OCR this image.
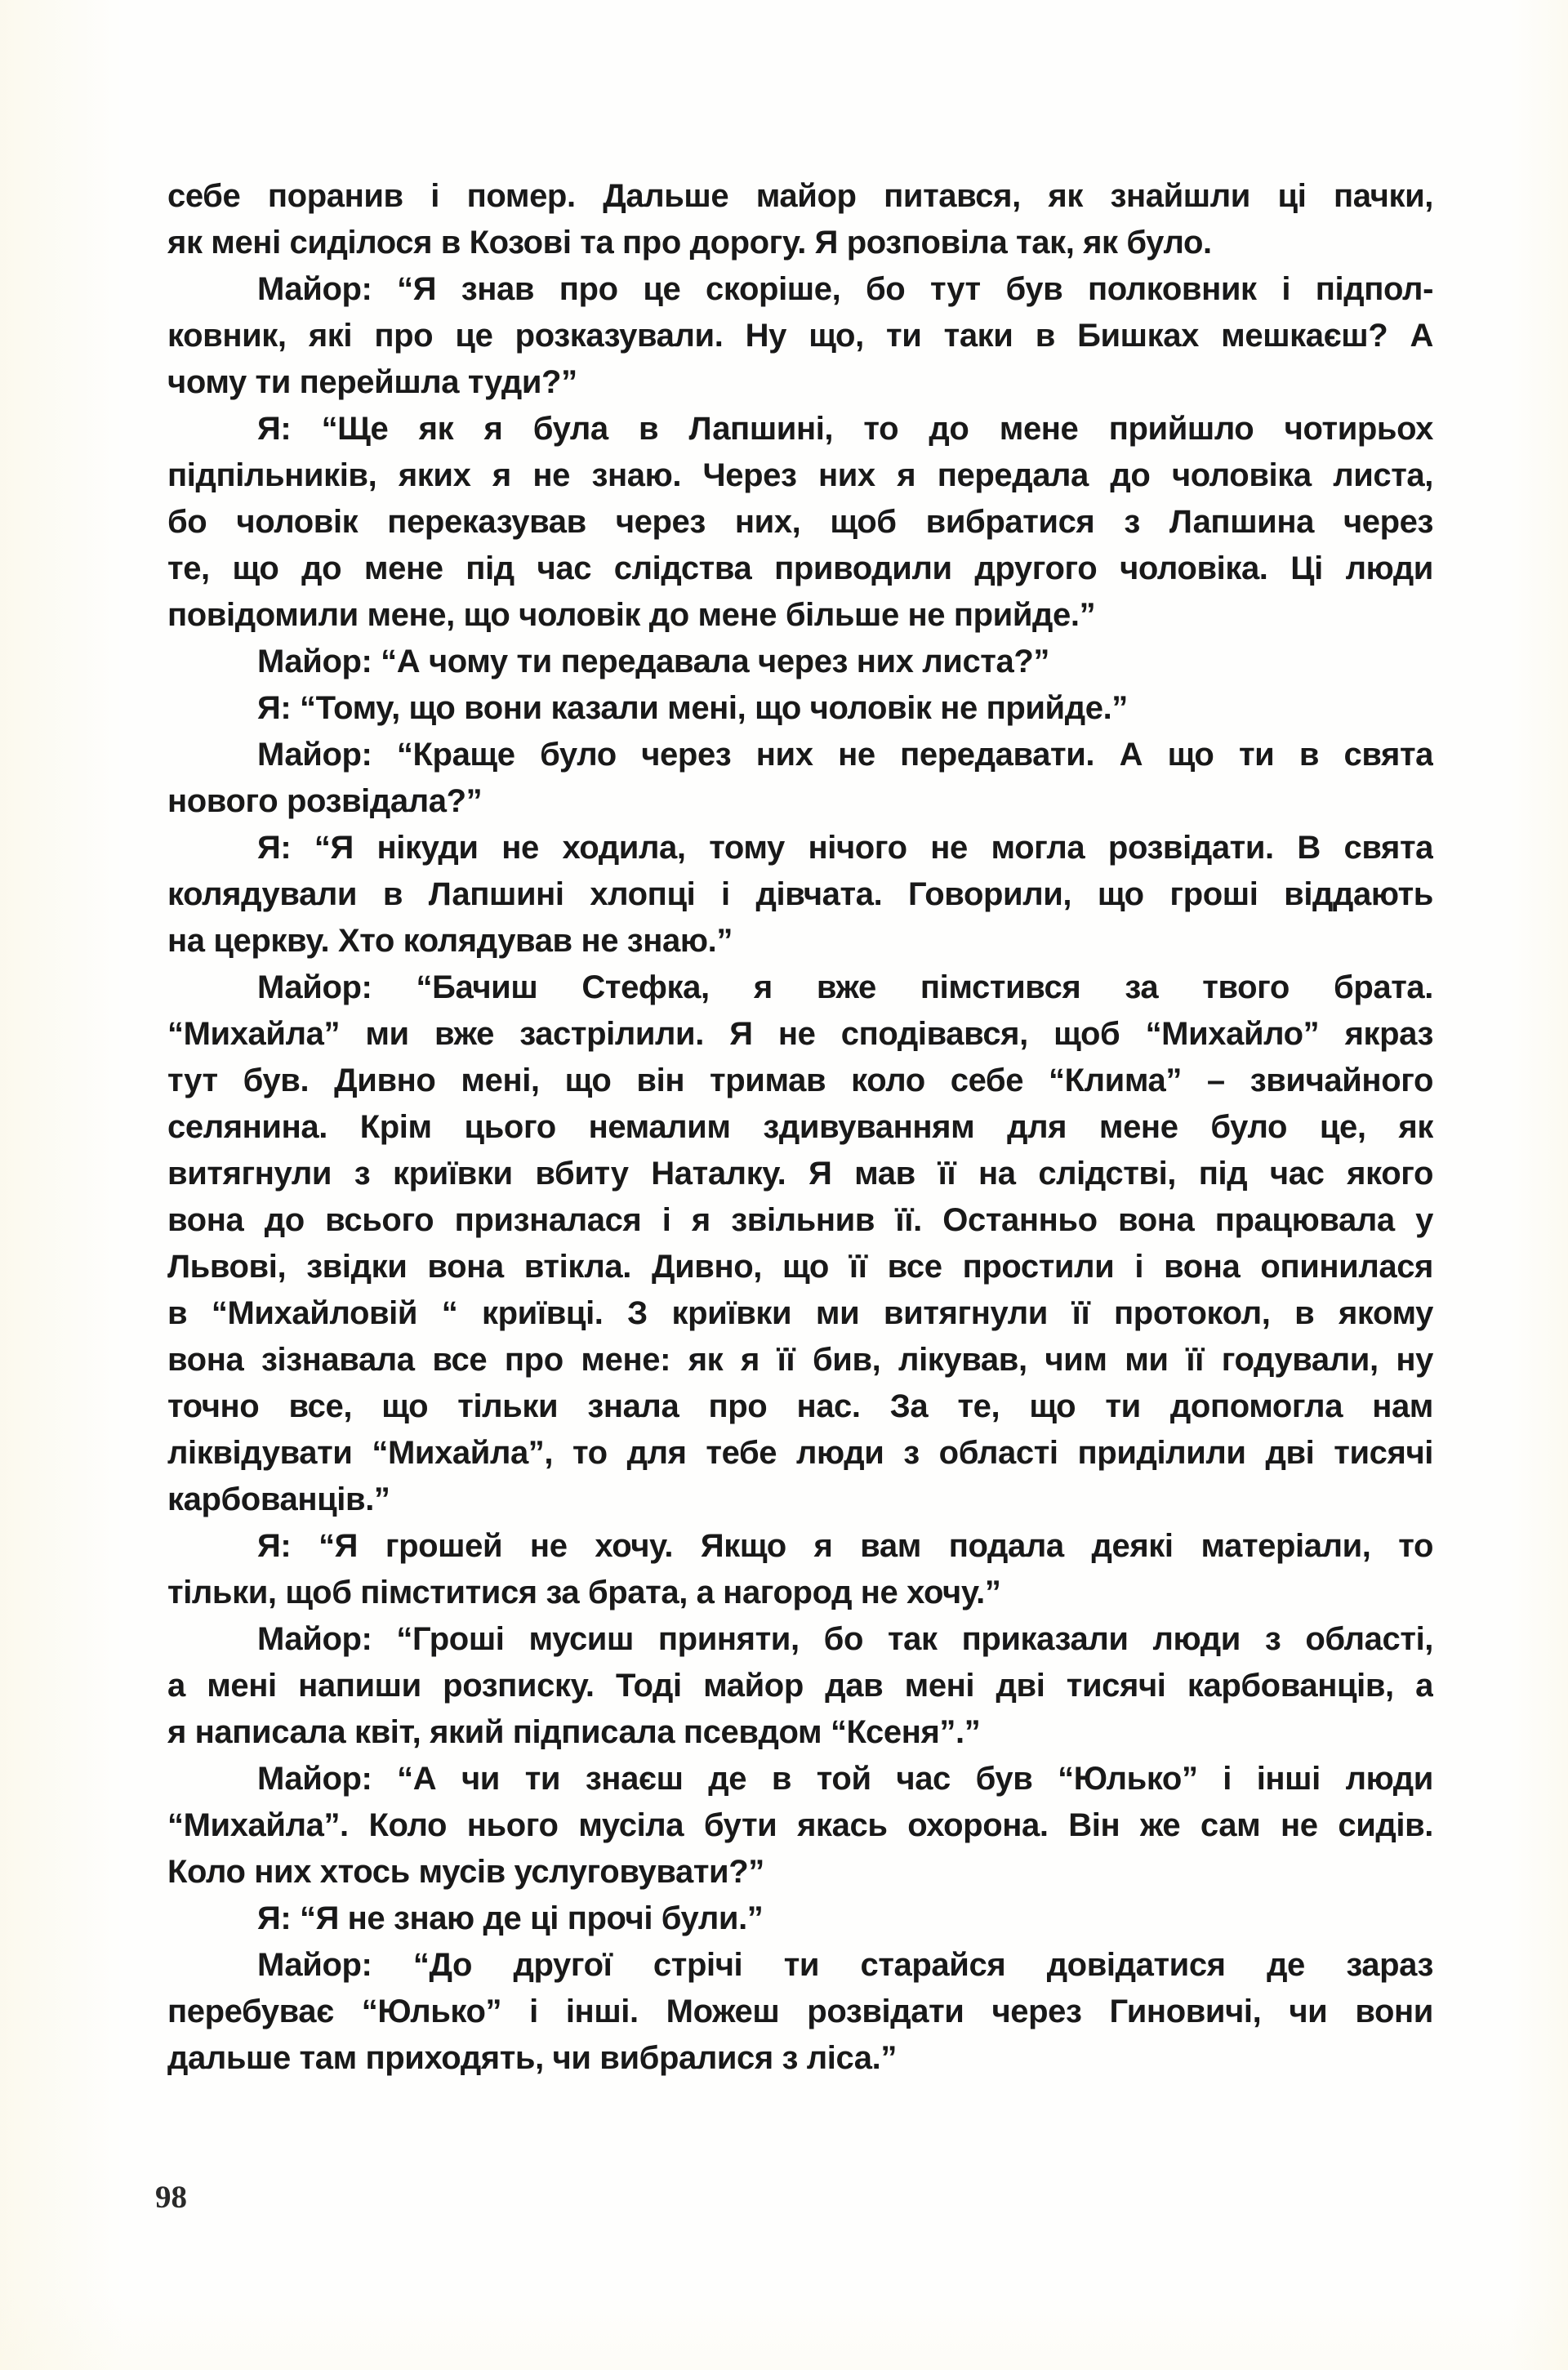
себе поранив і помер. Дальше майор питався, як знайшли ці пачки,
як мені сиділося в Козові та про дорогу. Я розповіла так, як було.
Майор: “Я знав про це скоріше, бо тут був полковник і підпол-
ковник, які про це розказували. Ну що, ти таки в Бишках мешкаєш? А
чому ти перейшла туди?”
Я: “Ще як я була в Лапшині, то до мене прийшло чотирьох
підпільників, яких я не знаю. Через них я передала до чоловіка листа,
бо чоловік переказував через них, щоб вибратися з Лапшина через
те, що до мене під час слідства приводили другого чоловіка. Ці люди
повідомили мене, що чоловік до мене більше не прийде.”
Майор: “А чому ти передавала через них листа?”
Я: “Тому, що вони казали мені, що чоловік не прийде.”
Майор: “Краще було через них не передавати. А що ти в свята
нового розвідала?”
Я: “Я нікуди не ходила, тому нічого не могла розвідати. В свята
колядували в Лапшині хлопці і дівчата. Говорили, що гроші віддають
на церкву. Хто колядував не знаю.”
Майор: “Бачиш Стефка, я вже пімстився за твого брата.
“Михайла” ми вже застрілили. Я не сподівався, щоб “Михайло” якраз
тут був. Дивно мені, що він тримав коло себе “Клима” – звичайного
селянина. Крім цього немалим здивуванням для мене було це, як
витягнули з криївки вбиту Наталку. Я мав її на слідстві, під час якого
вона до всього призналася і я звільнив її. Останньо вона працювала у
Львові, звідки вона втікла. Дивно, що її все простили і вона опинилася
в “Михайловій “ криївці. З криївки ми витягнули її протокол, в якому
вона зізнавала все про мене: як я її бив, лікував, чим ми її годували, ну
точно все, що тільки знала про нас. За те, що ти допомогла нам
ліквідувати “Михайла”, то для тебе люди з області приділили дві тисячі
карбованців.”
Я: “Я грошей не хочу. Якщо я вам подала деякі матеріали, то
тільки, щоб пімститися за брата, а нагород не хочу.”
Майор: “Гроші мусиш приняти, бо так приказали люди з області,
а мені напиши розписку. Тоді майор дав мені дві тисячі карбованців, а
я написала квіт, який підписала псевдом “Ксеня”.”
Майор: “А чи ти знаєш де в той час був “Юлько” і інші люди
“Михайла”. Коло нього мусіла бути якась охорона. Він же сам не сидів.
Коло них хтось мусів услуговувати?”
Я: “Я не знаю де ці прочі були.”
Майор: “До другої стрічі ти старайся довідатися де зараз
перебуває “Юлько” і інші. Можеш розвідати через Гиновичі, чи вони
дальше там приходять, чи вибралися з ліса.”
98
